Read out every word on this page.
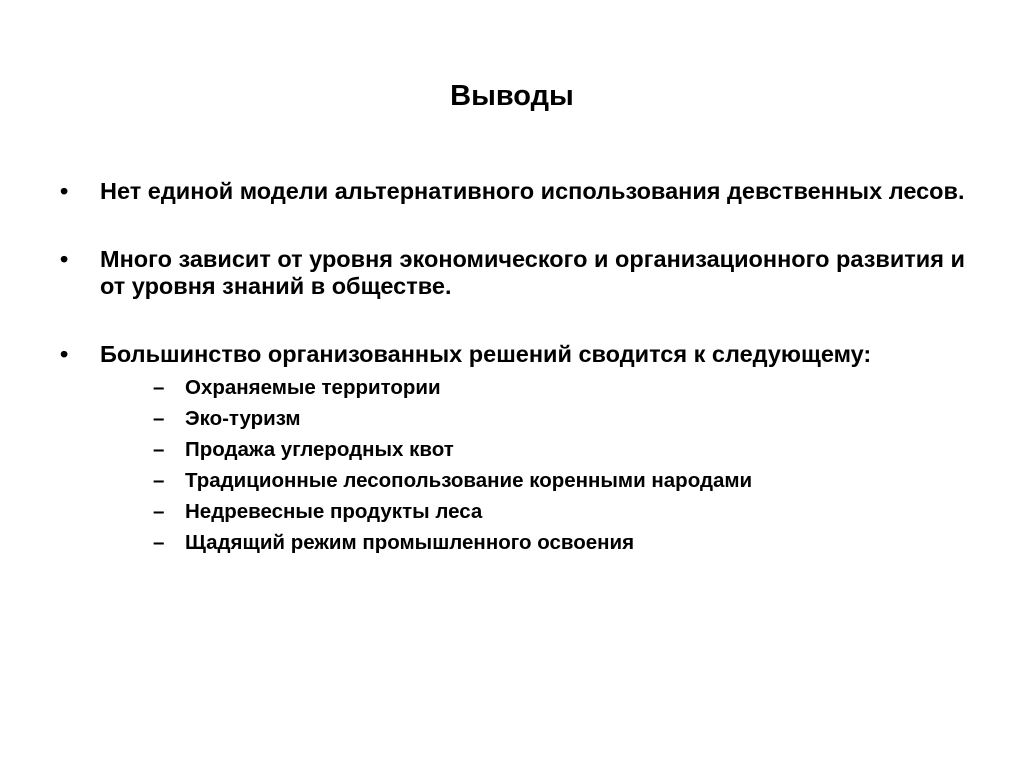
Выводы
•	Нет единой модели альтернативного использования девственных лесов.
•	Много зависит от уровня экономического и организационного развития и от уровня знаний в обществе.
•	Большинство организованных решений сводится к следующему:
–	Охраняемые территории
–	Эко-туризм
–	Продажа углеродных квот
–	Традиционные лесопользование коренными народами
–	Недревесные продукты леса
–	Щадящий режим промышленного освоения
